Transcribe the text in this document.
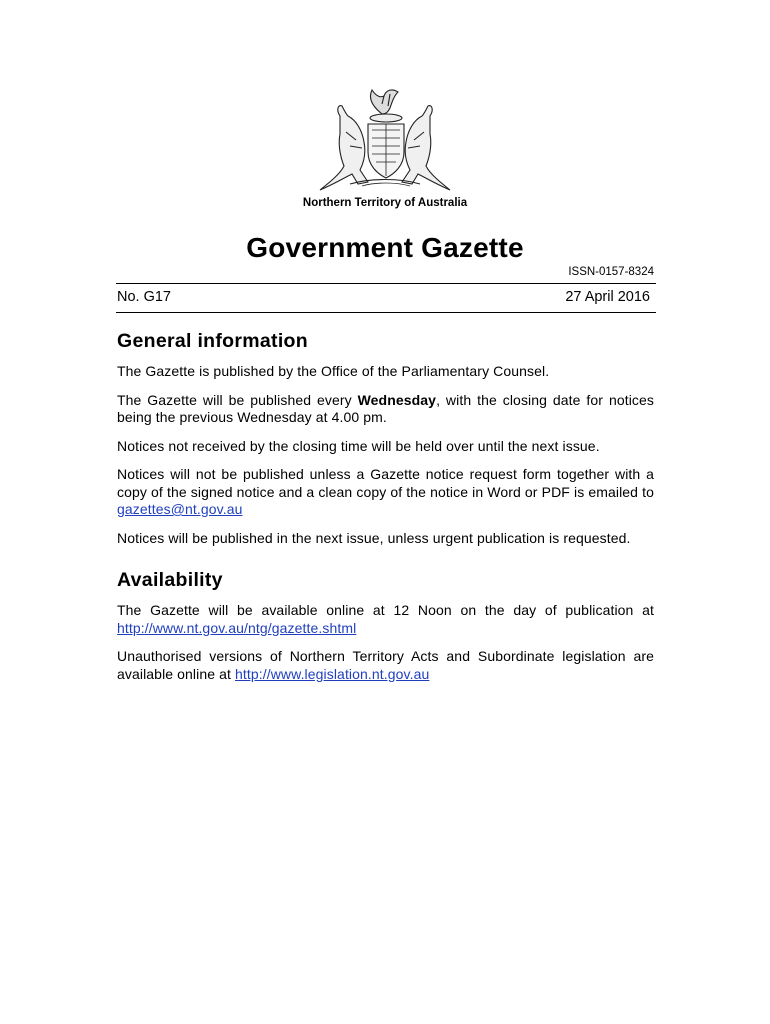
Northern Territory of Australia
Government Gazette
ISSN-0157-8324
No. G17	27 April 2016
General information

The Gazette is published by the Office of the Parliamentary Counsel.

The Gazette will be published every Wednesday, with the closing date for notices being the previous Wednesday at 4.00 pm.

Notices not received by the closing time will be held over until the next issue.

Notices will not be published unless a Gazette notice request form together with a copy of the signed notice and a clean copy of the notice in Word or PDF is emailed to gazettes@nt.gov.au

Notices will be published in the next issue, unless urgent publication is requested.

Availability

The Gazette will be available online at 12 Noon on the day of publication at http://www.nt.gov.au/ntg/gazette.shtml

Unauthorised versions of Northern Territory Acts and Subordinate legislation are available online at http://www.legislation.nt.gov.au
